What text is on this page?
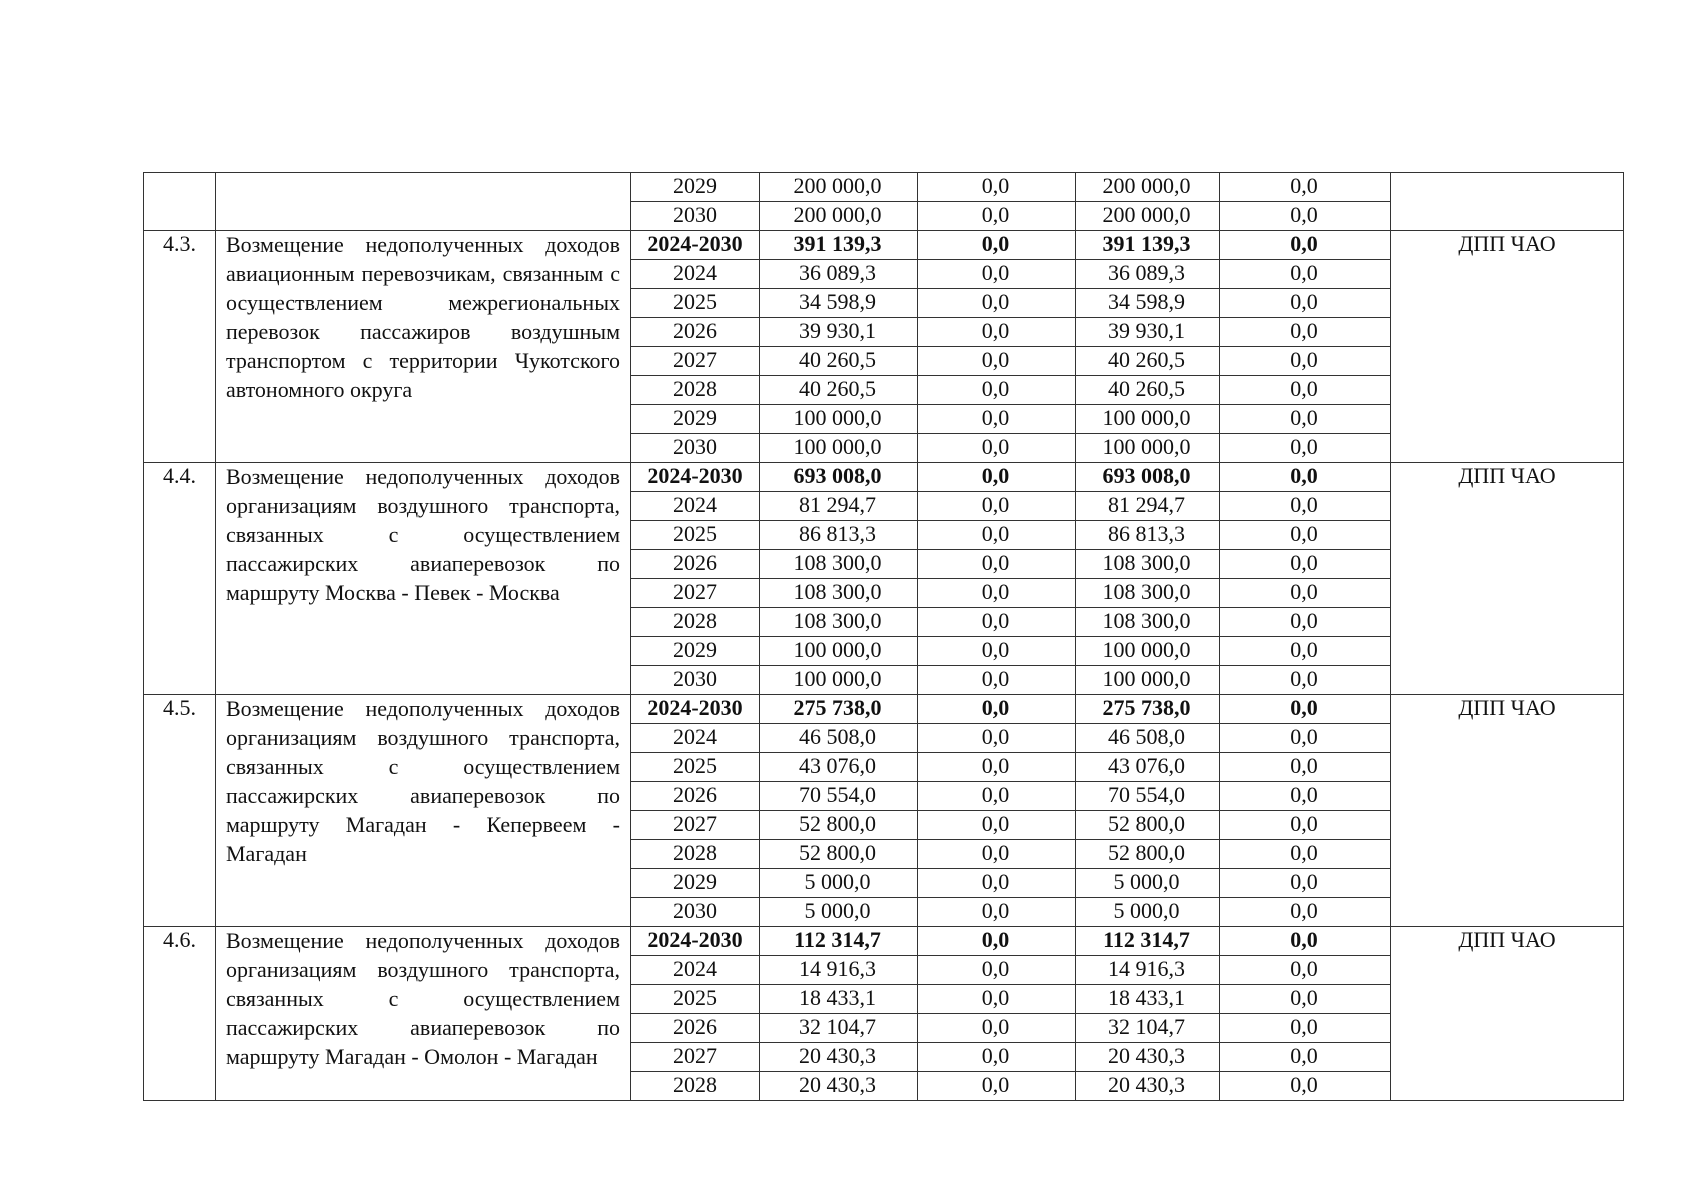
		2029	200 000,0	0,0	200 000,0	0,0	
		2030	200 000,0	0,0	200 000,0	0,0	
4.3.	Возмещение недополученных доходов авиационным перевозчикам, связанным с осуществлением межрегиональных перевозок пассажиров воздушным транспортом с территории Чукотского автономного округа	2024-2030	391 139,3	0,0	391 139,3	0,0	ДПП ЧАО
		2024	36 089,3	0,0	36 089,3	0,0	
		2025	34 598,9	0,0	34 598,9	0,0	
		2026	39 930,1	0,0	39 930,1	0,0	
		2027	40 260,5	0,0	40 260,5	0,0	
		2028	40 260,5	0,0	40 260,5	0,0	
		2029	100 000,0	0,0	100 000,0	0,0	
		2030	100 000,0	0,0	100 000,0	0,0	
4.4.	Возмещение недополученных доходов организациям воздушного транспорта, связанных с осуществлением пассажирских авиаперевозок по маршруту Москва - Певек - Москва	2024-2030	693 008,0	0,0	693 008,0	0,0	ДПП ЧАО
		2024	81 294,7	0,0	81 294,7	0,0	
		2025	86 813,3	0,0	86 813,3	0,0	
		2026	108 300,0	0,0	108 300,0	0,0	
		2027	108 300,0	0,0	108 300,0	0,0	
		2028	108 300,0	0,0	108 300,0	0,0	
		2029	100 000,0	0,0	100 000,0	0,0	
		2030	100 000,0	0,0	100 000,0	0,0	
4.5.	Возмещение недополученных доходов организациям воздушного транспорта, связанных с осуществлением пассажирских авиаперевозок по маршруту Магадан - Кепервеем - Магадан	2024-2030	275 738,0	0,0	275 738,0	0,0	ДПП ЧАО
		2024	46 508,0	0,0	46 508,0	0,0	
		2025	43 076,0	0,0	43 076,0	0,0	
		2026	70 554,0	0,0	70 554,0	0,0	
		2027	52 800,0	0,0	52 800,0	0,0	
		2028	52 800,0	0,0	52 800,0	0,0	
		2029	5 000,0	0,0	5 000,0	0,0	
		2030	5 000,0	0,0	5 000,0	0,0	
4.6.	Возмещение недополученных доходов организациям воздушного транспорта, связанных с осуществлением пассажирских авиаперевозок по маршруту Магадан - Омолон - Магадан	2024-2030	112 314,7	0,0	112 314,7	0,0	ДПП ЧАО
		2024	14 916,3	0,0	14 916,3	0,0	
		2025	18 433,1	0,0	18 433,1	0,0	
		2026	32 104,7	0,0	32 104,7	0,0	
		2027	20 430,3	0,0	20 430,3	0,0	
		2028	20 430,3	0,0	20 430,3	0,0	
